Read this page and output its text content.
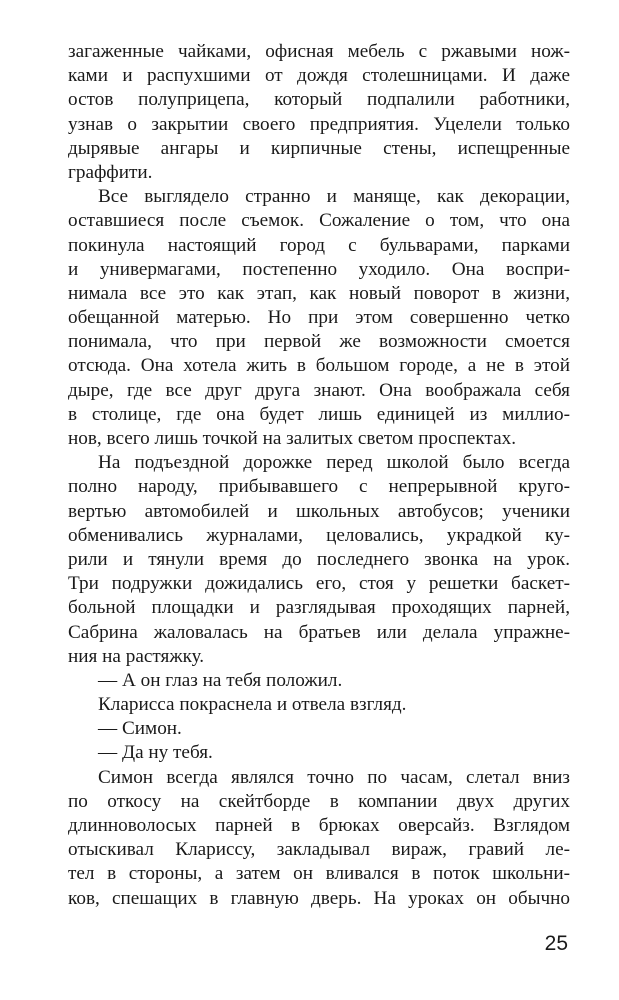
загаженные чайками, офисная мебель с ржавыми нож-
ками и распухшими от дождя столешницами. И даже
остов полуприцепа, который подпалили работники,
узнав о закрытии своего предприятия. Уцелели только
дырявые ангары и кирпичные стены, испещренные
граффити.
Все выглядело странно и маняще, как декорации,
оставшиеся после съемок. Сожаление о том, что она
покинула настоящий город с бульварами, парками
и универмагами, постепенно уходило. Она воспри-
нимала все это как этап, как новый поворот в жизни,
обещанной матерью. Но при этом совершенно четко
понимала, что при первой же возможности смоется
отсюда. Она хотела жить в большом городе, а не в этой
дыре, где все друг друга знают. Она воображала себя
в столице, где она будет лишь единицей из миллио-
нов, всего лишь точкой на залитых светом проспектах.
На подъездной дорожке перед школой было всегда
полно народу, прибывавшего с непрерывной круго-
вертью автомобилей и школьных автобусов; ученики
обменивались журналами, целовались, украдкой ку-
рили и тянули время до последнего звонка на урок.
Три подружки дожидались его, стоя у решетки баскет-
больной площадки и разглядывая проходящих парней,
Сабрина жаловалась на братьев или делала упражне-
ния на растяжку.
— А он глаз на тебя положил.
Кларисса покраснела и отвела взгляд.
— Симон.
— Да ну тебя.
Симон всегда являлся точно по часам, слетал вниз
по откосу на скейтборде в компании двух других
длинноволосых парней в брюках оверсайз. Взглядом
отыскивал Клариссу, закладывал вираж, гравий ле-
тел в стороны, а затем он вливался в поток школьни-
ков, спешащих в главную дверь. На уроках он обычно
25
